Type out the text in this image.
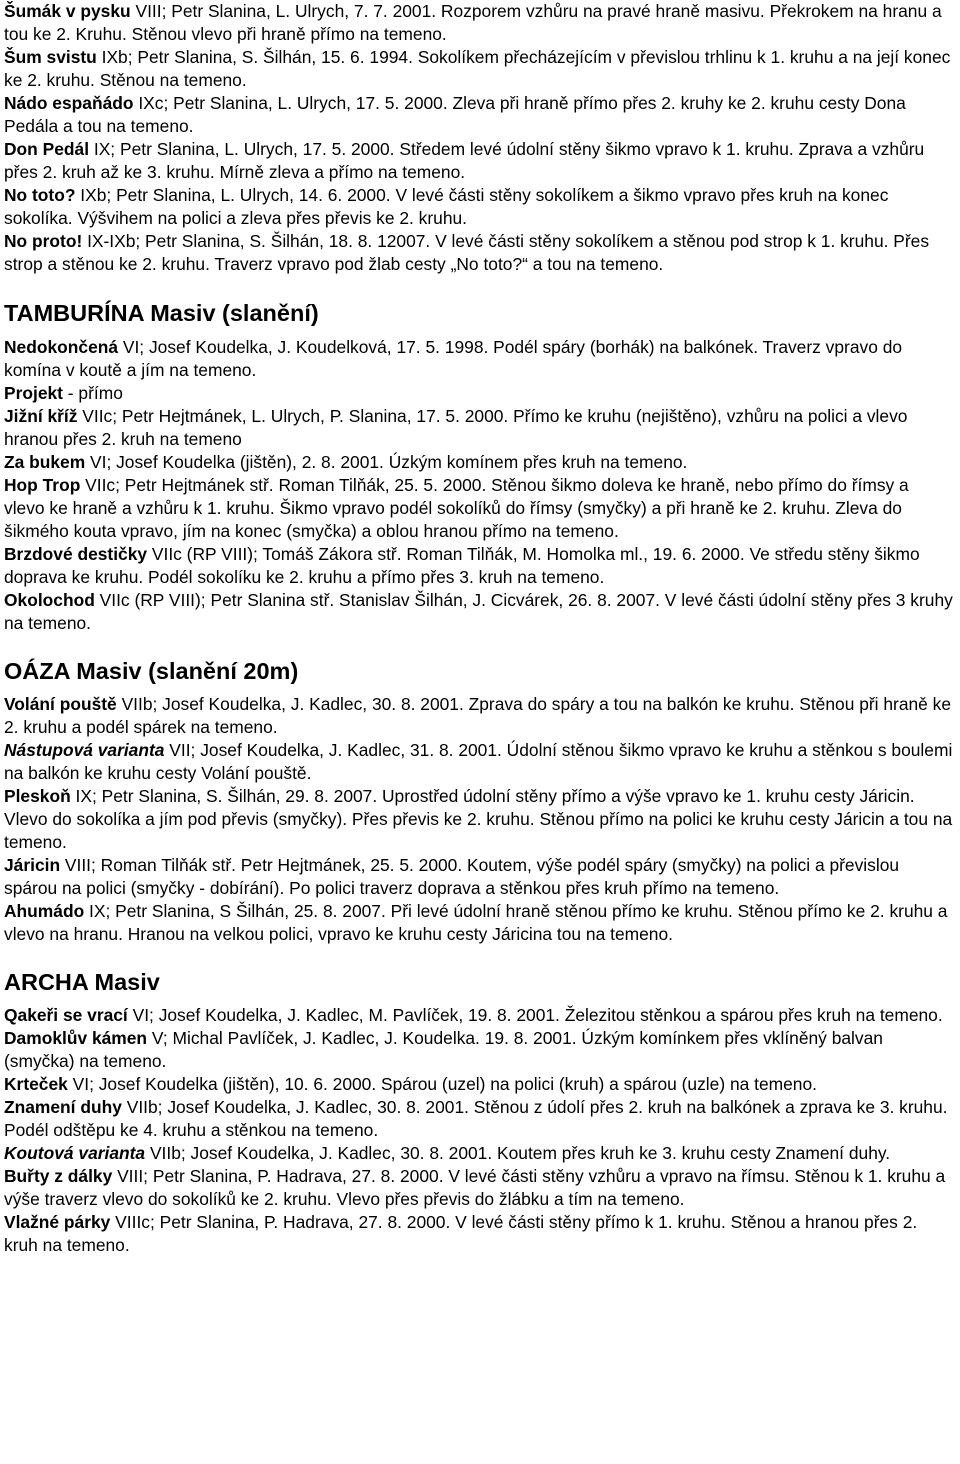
Šumák v pysku VIII; Petr Slanina, L. Ulrych, 7. 7. 2001. Rozporem vzhůru na pravé hraně masivu. Překrokem na hranu a tou ke 2. Kruhu. Stěnou vlevo při hraně přímo na temeno.

Šum svistu IXb; Petr Slanina, S. Šilhán, 15. 6. 1994. Sokolíkem přecházejícím v převislou trhlinu k 1. kruhu a na její konec ke 2. kruhu. Stěnou na temeno.

Nádo espaňádo IXc; Petr Slanina, L. Ulrych, 17. 5. 2000. Zleva při hraně přímo přes 2. kruhy ke 2. kruhu cesty Dona Pedála a tou na temeno.

Don Pedál IX; Petr Slanina, L. Ulrych, 17. 5. 2000. Středem levé údolní stěny šikmo vpravo k 1. kruhu. Zprava a vzhůru přes 2. kruh až ke 3. kruhu. Mírně zleva a přímo na temeno.

No toto? IXb; Petr Slanina, L. Ulrych, 14. 6. 2000. V levé části stěny sokolíkem a šikmo vpravo přes kruh na konec sokolíka. Výšvihem na polici a zleva přes převis ke 2. kruhu.

No proto! IX-IXb; Petr Slanina, S. Šilhán, 18. 8. 12007. V levé části stěny sokolíkem a stěnou pod strop k 1. kruhu. Přes strop a stěnou ke 2. kruhu. Traverz vpravo pod žlab cesty „No toto?“ a tou na temeno.

TAMBURÍNA Masiv (slanění)

Nedokončená VI; Josef Koudelka, J. Koudelková, 17. 5. 1998. Podél spáry (borhák) na balkónek. Traverz vpravo do komína v koutě a jím na temeno.

Projekt - přímo

Jižní kříž VIIc; Petr Hejtmánek, L. Ulrych, P. Slanina, 17. 5. 2000. Přímo ke kruhu (nejištěno), vzhůru na polici a vlevo hranou přes 2. kruh na temeno

Za bukem VI; Josef Koudelka (jištěn), 2. 8. 2001. Úzkým komínem přes kruh na temeno.

Hop Trop VIIc; Petr Hejtmánek stř. Roman Tilňák, 25. 5. 2000. Stěnou šikmo doleva ke hraně, nebo přímo do římsy a vlevo ke hraně a vzhůru k 1. kruhu. Šikmo vpravo podél sokolíků do římsy (smyčky) a při hraně ke 2. kruhu. Zleva do šikmého kouta vpravo, jím na konec (smyčka) a oblou hranou přímo na temeno.

Brzdové destičky VIIc (RP VIII); Tomáš Zákora stř. Roman Tilňák, M. Homolka ml., 19. 6. 2000. Ve středu stěny šikmo doprava ke kruhu. Podél sokolíku ke 2. kruhu a přímo přes 3. kruh na temeno.

Okolochod VIIc (RP VIII); Petr Slanina stř. Stanislav Šilhán, J. Cicvárek, 26. 8. 2007. V levé části údolní stěny přes 3 kruhy na temeno.

OÁZA Masiv (slanění 20m)

Volání pouště VIIb; Josef Koudelka, J. Kadlec, 30. 8. 2001. Zprava do spáry a tou na balkón ke kruhu. Stěnou při hraně ke 2. kruhu a podél spárek na temeno.

Nástupová varianta VII; Josef Koudelka, J. Kadlec, 31. 8. 2001. Údolní stěnou šikmo vpravo ke kruhu a stěnkou s boulemi na balkón ke kruhu cesty Volání pouště.

Pleskoň IX; Petr Slanina, S. Šilhán, 29. 8. 2007. Uprostřed údolní stěny přímo a výše vpravo ke 1. kruhu cesty Járicin. Vlevo do sokolíka a jím pod převis (smyčky). Přes převis ke 2. kruhu. Stěnou přímo na polici ke kruhu cesty Járicin a tou na temeno.

Járicin VIII; Roman Tilňák stř. Petr Hejtmánek, 25. 5. 2000. Koutem, výše podél spáry (smyčky) na polici a převislou spárou na polici (smyčky - dobírání). Po polici traverz doprava a stěnkou přes kruh přímo na temeno.

Ahumádo IX; Petr Slanina, S Šilhán, 25. 8. 2007. Při levé údolní hraně stěnou přímo ke kruhu. Stěnou přímo ke 2. kruhu a vlevo na hranu. Hranou na velkou polici, vpravo ke kruhu cesty Járicina tou na temeno.

ARCHA Masiv

Qakeři se vrací VI; Josef Koudelka, J. Kadlec, M. Pavlíček, 19. 8. 2001. Železitou stěnkou a spárou přes kruh na temeno.

Damoklův kámen V; Michal Pavlíček, J. Kadlec, J. Koudelka. 19. 8. 2001. Úzkým komínkem přes vklíněný balvan (smyčka) na temeno.

Krteček VI; Josef Koudelka (jištěn), 10. 6. 2000. Spárou (uzel) na polici (kruh) a spárou (uzle) na temeno.

Znamení duhy VIIb; Josef Koudelka, J. Kadlec, 30. 8. 2001. Stěnou z údolí přes 2. kruh na balkónek a zprava ke 3. kruhu. Podél odštěpu ke 4. kruhu a stěnkou na temeno.

Koutová varianta VIIb; Josef Koudelka, J. Kadlec, 30. 8. 2001. Koutem přes kruh ke 3. kruhu cesty Znamení duhy.

Buřty z dálky VIII; Petr Slanina, P. Hadrava, 27. 8. 2000. V levé části stěny vzhůru a vpravo na římsu. Stěnou k 1. kruhu a výše traverz vlevo do sokolíků ke 2. kruhu. Vlevo přes převis do žlábku a tím na temeno.

Vlažné párky VIIIc; Petr Slanina, P. Hadrava, 27. 8. 2000. V levé části stěny přímo k 1. kruhu. Stěnou a hranou přes 2. kruh na temeno.
